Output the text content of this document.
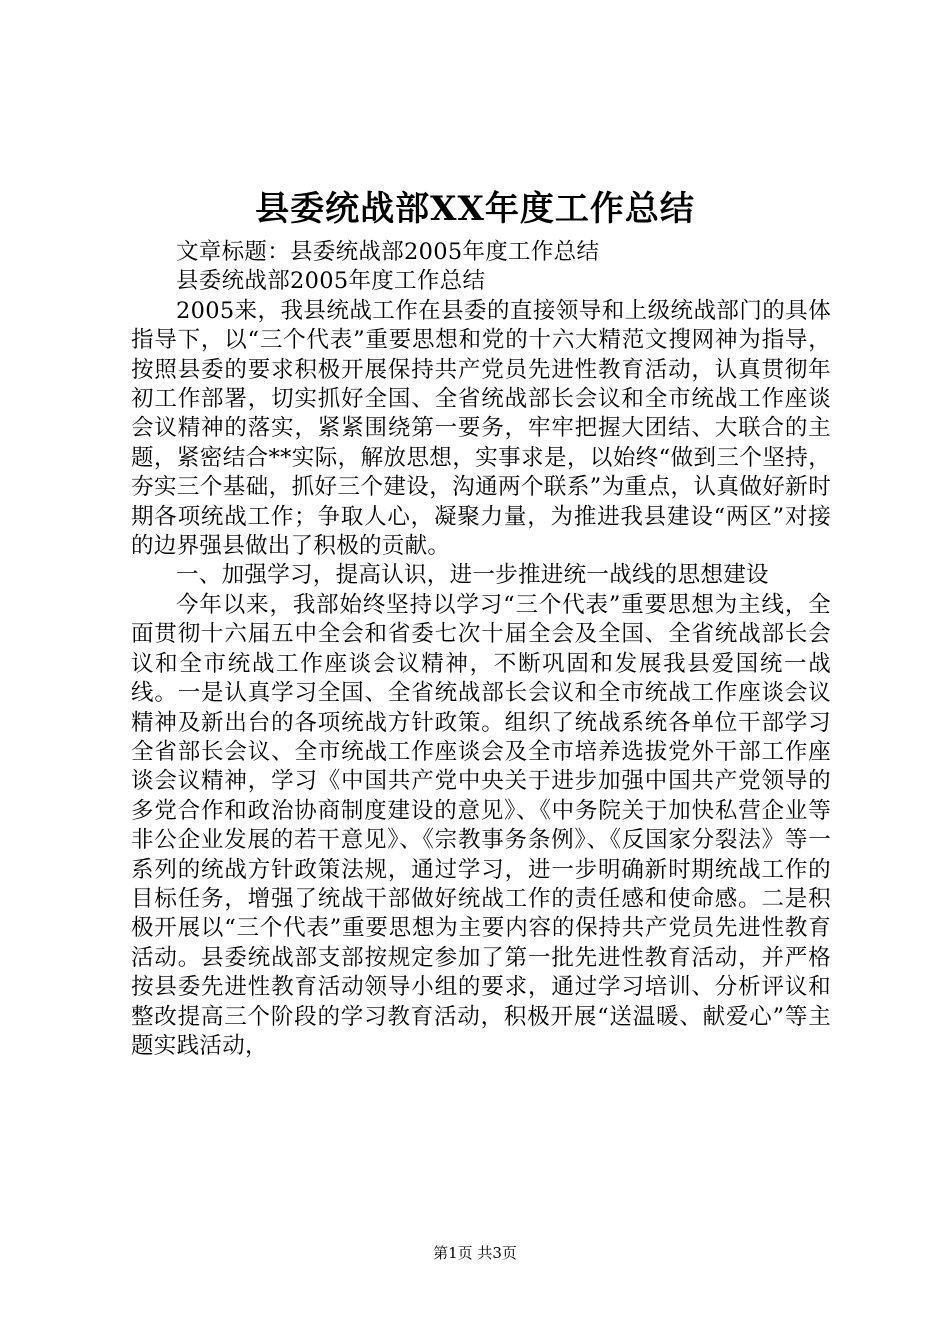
县委统战部XX年度工作总结

文章标题：县委统战部2005年度工作总结

县委统战部2005年度工作总结

2005来，我县统战工作在县委的直接领导和上级统战部门的具体指导下，以“三个代表”重要思想和党的十六大精范文搜网神为指导，按照县委的要求积极开展保持共产党员先进性教育活动，认真贯彻年初工作部署，切实抓好全国、全省统战部长会议和全市统战工作座谈会议精神的落实，紧紧围绕第一要务，牢牢把握大团结、大联合的主题，紧密结合**实际，解放思想，实事求是，以始终“做到三个坚持，夯实三个基础，抓好三个建设，沟通两个联系”为重点，认真做好新时期各项统战工作；争取人心，凝聚力量，为推进我县建设“两区”对接的边界强县做出了积极的贡献。

一、加强学习，提高认识，进一步推进统一战线的思想建设

今年以来，我部始终坚持以学习“三个代表”重要思想为主线，全面贯彻十六届五中全会和省委七次十届全会及全国、全省统战部长会议和全市统战工作座谈会议精神，不断巩固和发展我县爱国统一战线。一是认真学习全国、全省统战部长会议和全市统战工作座谈会议精神及新出台的各项统战方针政策。组织了统战系统各单位干部学习全省部长会议、全市统战工作座谈会及全市培养选拔党外干部工作座谈会议精神，学习《中国共产党中央关于进步加强中国共产党领导的多党合作和政治协商制度建设的意见》、《中务院关于加快私营企业等非公企业发展的若干意见》、《宗教事务条例》、《反国家分裂法》等一系列的统战方针政策法规，通过学习，进一步明确新时期统战工作的目标任务，增强了统战干部做好统战工作的责任感和使命感。二是积极开展以“三个代表”重要思想为主要内容的保持共产党员先进性教育活动。县委统战部支部按规定参加了第一批先进性教育活动，并严格按县委先进性教育活动领导小组的要求，通过学习培训、分析评议和整改提高三个阶段的学习教育活动，积极开展“送温暖、献爱心”等主题实践活动，

第1页 共3页
